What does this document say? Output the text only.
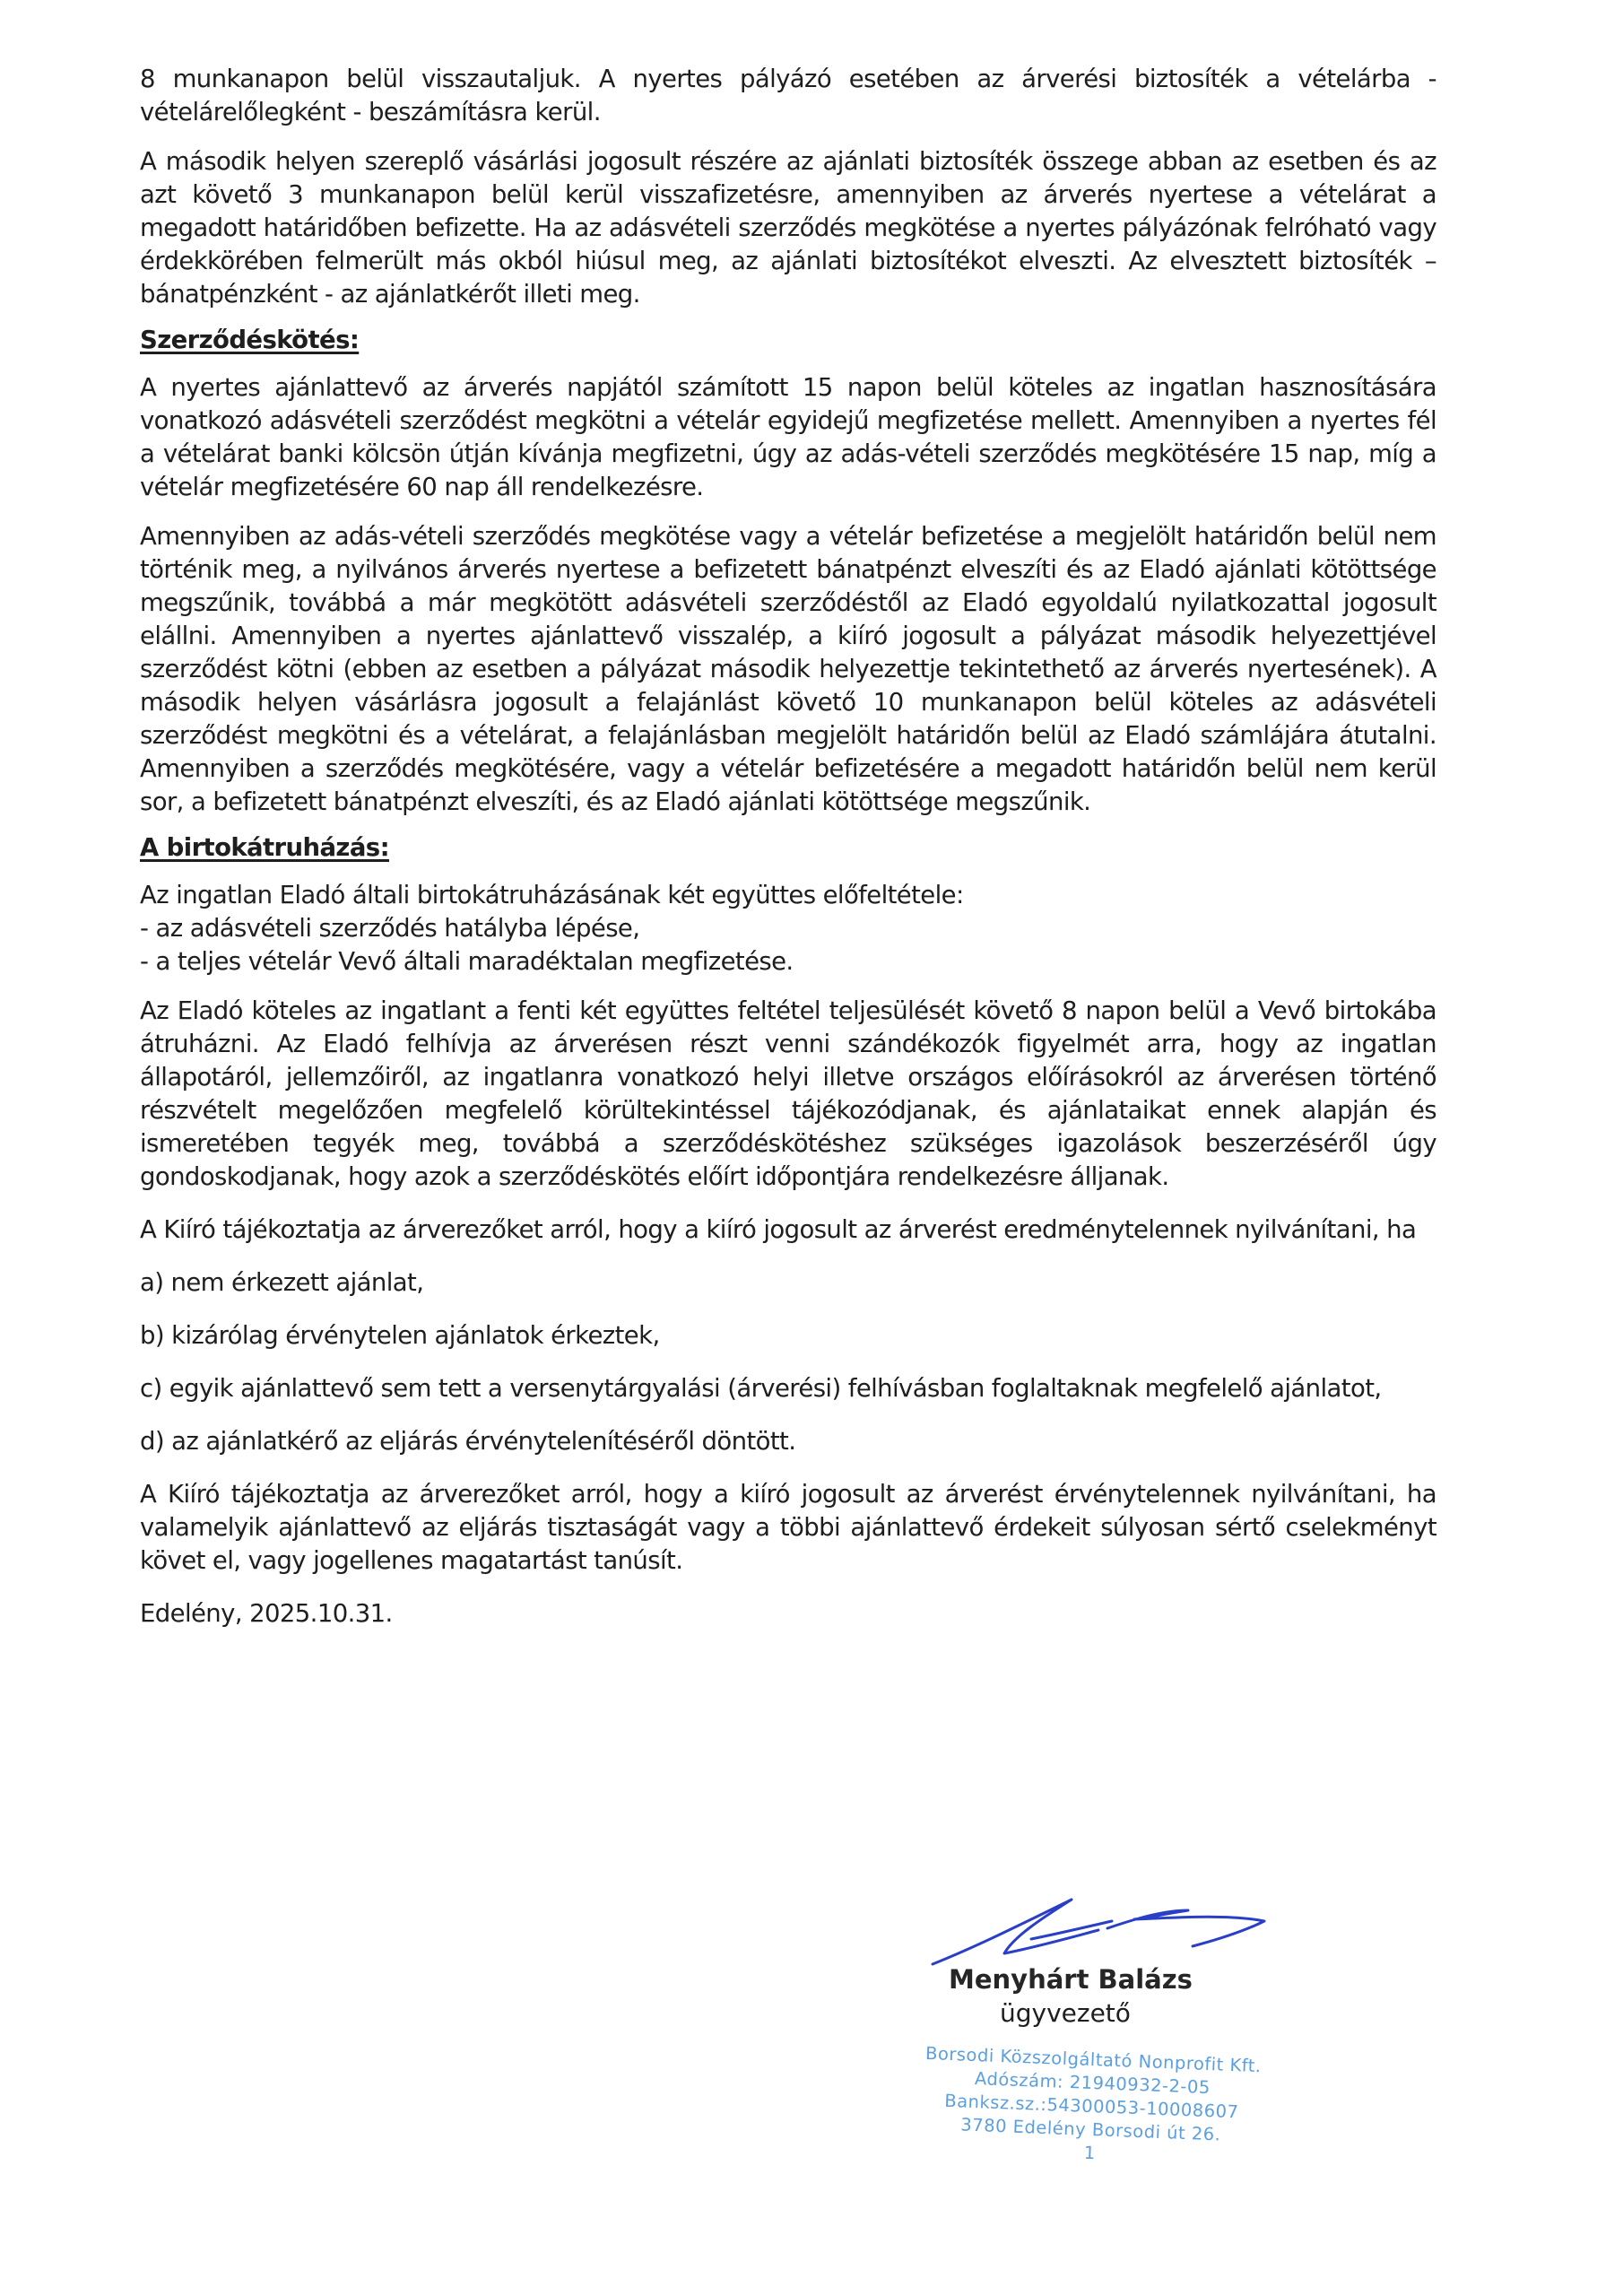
8 munkanapon belül visszautaljuk. A nyertes pályázó esetében az árverési biztosíték a vételárba - vételárelőlegként - beszámításra kerül.

A második helyen szereplő vásárlási jogosult részére az ajánlati biztosíték összege abban az esetben és az azt követő 3 munkanapon belül kerül visszafizetésre, amennyiben az árverés nyertese a vételárat a megadott határidőben befizette. Ha az adásvételi szerződés megkötése a nyertes pályázónak felróható vagy érdekkörében felmerült más okból hiúsul meg, az ajánlati biztosítékot elveszti. Az elvesztett biztosíték – bánatpénzként - az ajánlatkérőt illeti meg.

Szerződéskötés:

A nyertes ajánlattevő az árverés napjától számított 15 napon belül köteles az ingatlan hasznosítására vonatkozó adásvételi szerződést megkötni a vételár egyidejű megfizetése mellett. Amennyiben a nyertes fél a vételárat banki kölcsön útján kívánja megfizetni, úgy az adás-vételi szerződés megkötésére 15 nap, míg a vételár megfizetésére 60 nap áll rendelkezésre.

Amennyiben az adás-vételi szerződés megkötése vagy a vételár befizetése a megjelölt határidőn belül nem történik meg, a nyilvános árverés nyertese a befizetett bánatpénzt elveszíti és az Eladó ajánlati kötöttsége megszűnik, továbbá a már megkötött adásvételi szerződéstől az Eladó egyoldalú nyilatkozattal jogosult elállni. Amennyiben a nyertes ajánlattevő visszalép, a kiíró jogosult a pályázat második helyezettjével szerződést kötni (ebben az esetben a pályázat második helyezettje tekintethető az árverés nyertesének). A második helyen vásárlásra jogosult a felajánlást követő 10 munkanapon belül köteles az adásvételi szerződést megkötni és a vételárat, a felajánlásban megjelölt határidőn belül az Eladó számlájára átutalni. Amennyiben a szerződés megkötésére, vagy a vételár befizetésére a megadott határidőn belül nem kerül sor, a befizetett bánatpénzt elveszíti, és az Eladó ajánlati kötöttsége megszűnik.

A birtokátruházás:

Az ingatlan Eladó általi birtokátruházásának két együttes előfeltétele:

- az adásvételi szerződés hatályba lépése,

- a teljes vételár Vevő általi maradéktalan megfizetése.

Az Eladó köteles az ingatlant a fenti két együttes feltétel teljesülését követő 8 napon belül a Vevő birtokába átruházni. Az Eladó felhívja az árverésen részt venni szándékozók figyelmét arra, hogy az ingatlan állapotáról, jellemzőiről, az ingatlanra vonatkozó helyi illetve országos előírásokról az árverésen történő részvételt megelőzően megfelelő körültekintéssel tájékozódjanak, és ajánlataikat ennek alapján és ismeretében tegyék meg, továbbá a szerződéskötéshez szükséges igazolások beszerzéséről úgy gondoskodjanak, hogy azok a szerződéskötés előírt időpontjára rendelkezésre álljanak.

A Kiíró tájékoztatja az árverezőket arról, hogy a kiíró jogosult az árverést eredménytelennek nyilvánítani, ha

a) nem érkezett ajánlat,

b) kizárólag érvénytelen ajánlatok érkeztek,

c) egyik ajánlattevő sem tett a versenytárgyalási (árverési) felhívásban foglaltaknak megfelelő ajánlatot,

d) az ajánlatkérő az eljárás érvénytelenítéséről döntött.

A Kiíró tájékoztatja az árverezőket arról, hogy a kiíró jogosult az árverést érvénytelennek nyilvánítani, ha valamelyik ajánlattevő az eljárás tisztaságát vagy a többi ajánlattevő érdekeit súlyosan sértő cselekményt követ el, vagy jogellenes magatartást tanúsít.

Edelény, 2025.10.31.

Menyhárt Balázs
ügyvezető
Borsodi Közszolgáltató Nonprofit Kft.
Adószám: 21940932-2-05
Banksz.sz.:54300053-10008607
3780 Edelény Borsodi út 26.
1
